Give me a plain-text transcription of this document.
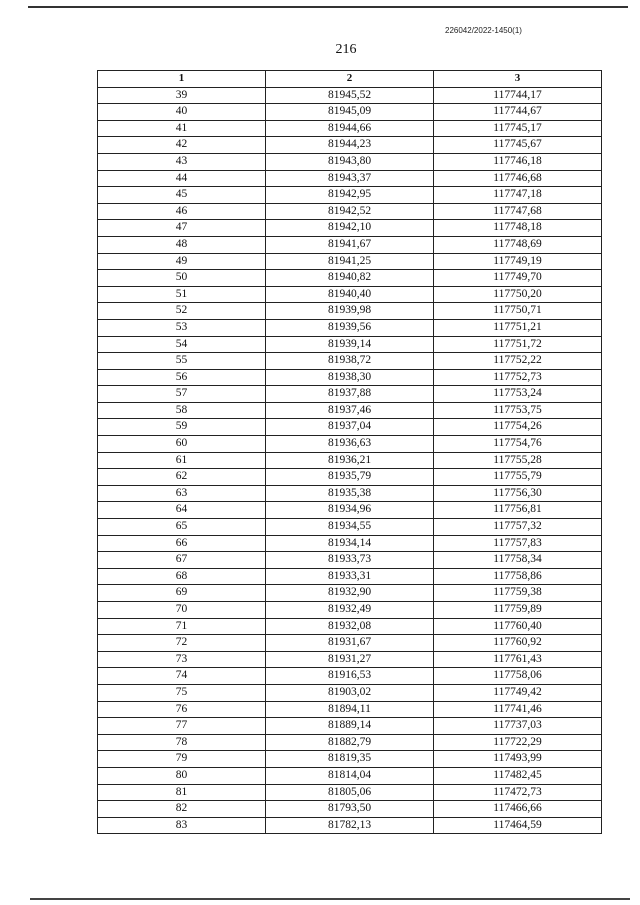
226042/2022-1450(1)
216
1	2	3
39	81945,52	117744,17
40	81945,09	117744,67
41	81944,66	117745,17
42	81944,23	117745,67
43	81943,80	117746,18
44	81943,37	117746,68
45	81942,95	117747,18
46	81942,52	117747,68
47	81942,10	117748,18
48	81941,67	117748,69
49	81941,25	117749,19
50	81940,82	117749,70
51	81940,40	117750,20
52	81939,98	117750,71
53	81939,56	117751,21
54	81939,14	117751,72
55	81938,72	117752,22
56	81938,30	117752,73
57	81937,88	117753,24
58	81937,46	117753,75
59	81937,04	117754,26
60	81936,63	117754,76
61	81936,21	117755,28
62	81935,79	117755,79
63	81935,38	117756,30
64	81934,96	117756,81
65	81934,55	117757,32
66	81934,14	117757,83
67	81933,73	117758,34
68	81933,31	117758,86
69	81932,90	117759,38
70	81932,49	117759,89
71	81932,08	117760,40
72	81931,67	117760,92
73	81931,27	117761,43
74	81916,53	117758,06
75	81903,02	117749,42
76	81894,11	117741,46
77	81889,14	117737,03
78	81882,79	117722,29
79	81819,35	117493,99
80	81814,04	117482,45
81	81805,06	117472,73
82	81793,50	117466,66
83	81782,13	117464,59
